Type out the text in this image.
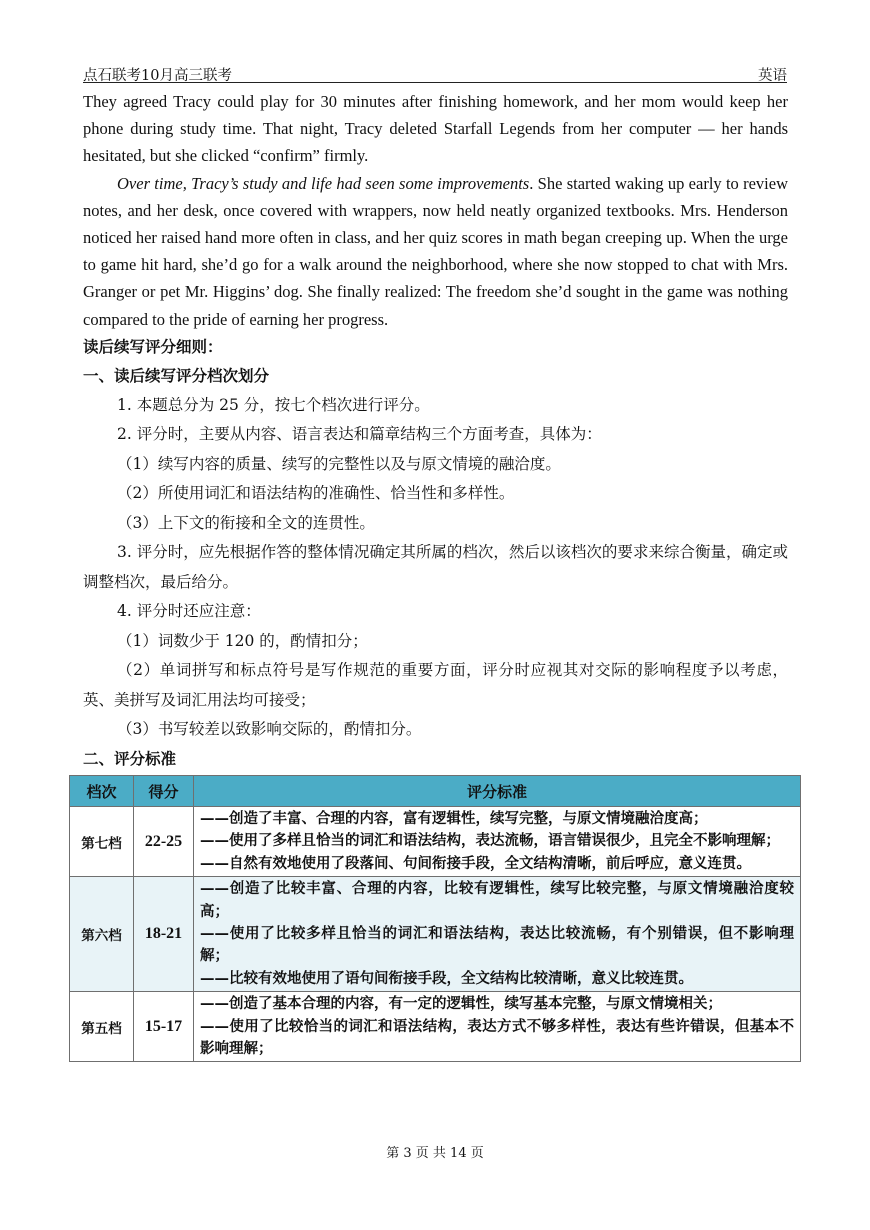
点石联考10月高三联考	英语

They agreed Tracy could play for 30 minutes after finishing homework, and her mom would keep her phone during study time. That night, Tracy deleted Starfall Legends from her computer — her hands hesitated, but she clicked “confirm” firmly.

Over time, Tracy’s study and life had seen some improvements. She started waking up early to review notes, and her desk, once covered with wrappers, now held neatly organized textbooks. Mrs. Henderson noticed her raised hand more often in class, and her quiz scores in math began creeping up. When the urge to game hit hard, she’d go for a walk around the neighborhood, where she now stopped to chat with Mrs. Granger or pet Mr. Higgins’ dog. She finally realized: The freedom she’d sought in the game was nothing compared to the pride of earning her progress.

读后续写评分细则：

一、读后续写评分档次划分

1. 本题总分为 25 分，按七个档次进行评分。

2. 评分时，主要从内容、语言表达和篇章结构三个方面考查，具体为：

（1）续写内容的质量、续写的完整性以及与原文情境的融洽度。

（2）所使用词汇和语法结构的准确性、恰当性和多样性。

（3）上下文的衔接和全文的连贯性。

3. 评分时，应先根据作答的整体情况确定其所属的档次，然后以该档次的要求来综合衡量，确定或调整档次，最后给分。

4. 评分时还应注意：

（1）词数少于 120 的，酌情扣分；

（2）单词拼写和标点符号是写作规范的重要方面，评分时应视其对交际的影响程度予以考虑，英、美拼写及词汇用法均可接受；

（3）书写较差以致影响交际的，酌情扣分。

二、评分标准

档次	得分	评分标准
第七档	22-25	——创造了丰富、合理的内容，富有逻辑性，续写完整，与原文情境融洽度高；
——使用了多样且恰当的词汇和语法结构，表达流畅，语言错误很少，且完全不影响理解；
——自然有效地使用了段落间、句间衔接手段，全文结构清晰，前后呼应，意义连贯。

第六档	18-21	——创造了比较丰富、合理的内容，比较有逻辑性，续写比较完整，与原文情境融洽度较高；
——使用了比较多样且恰当的词汇和语法结构，表达比较流畅，有个别错误，但不影响理解；
——比较有效地使用了语句间衔接手段，全文结构比较清晰，意义比较连贯。

第五档	15-17	——创造了基本合理的内容，有一定的逻辑性，续写基本完整，与原文情境相关；
——使用了比较恰当的词汇和语法结构，表达方式不够多样性，表达有些许错误，但基本不影响理解；
第 3 页 共 14 页
